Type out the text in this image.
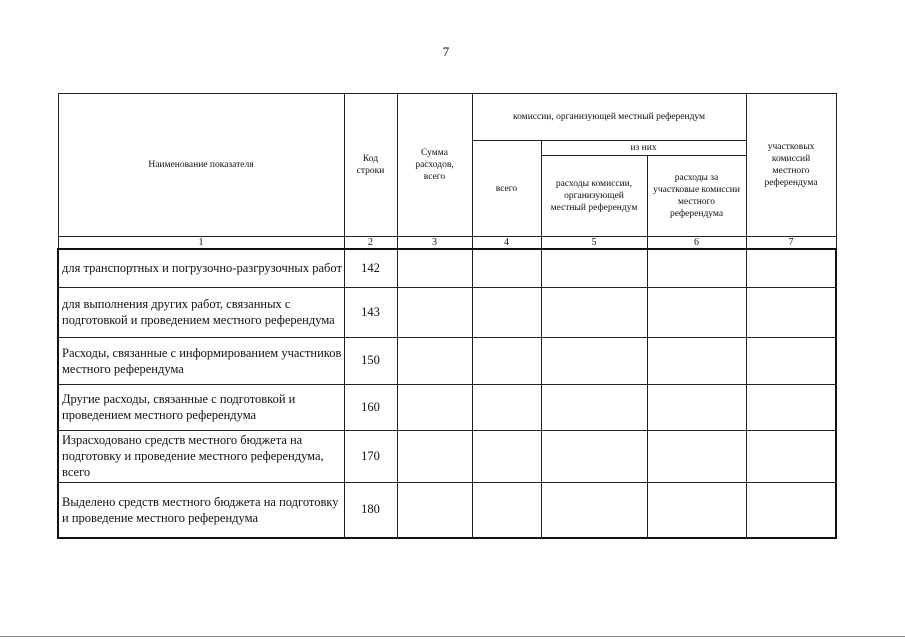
7
Наименование показателя	Код строки	Сумма расходов, всего	комиссии, организующей местный референдум			участковых комиссий местного референдума
			всего	из них		
				расходы комиссии, организующей местный референдум	расходы за участковые комиссии местного референдума	
1	2	3	4	5	6	7
для транспортных и погрузочно-разгрузочных работ	142					
для выполнения других работ, связанных с подготовкой и проведением местного референдума	143					
Расходы, связанные с информированием участников местного референдума	150					
Другие расходы, связанные с подготовкой и проведением местного референдума	160					
Израсходовано средств местного бюджета на подготовку и проведение местного референдума, всего	170					
Выделено средств местного бюджета на подготовку и проведение местного референдума	180					
